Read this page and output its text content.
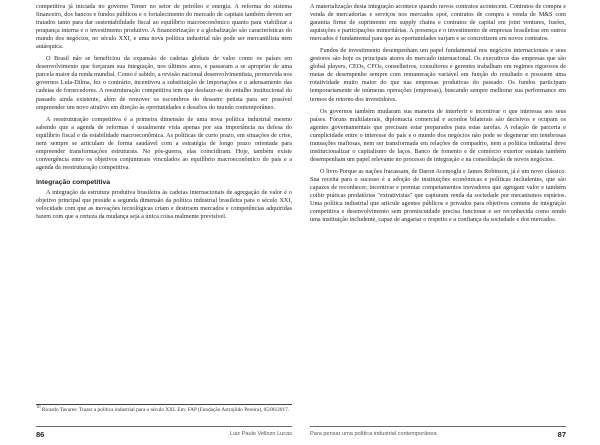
competitiva já iniciada no governo Temer no setor de petróleo e energia. A reforma do sistema financeiro, dos bancos e fundos públicos e o fortalecimento do mercado de capitais também devem ser tratados tanto para dar sustentabilidade fiscal ao equilíbrio macroeconômico quanto para viabilizar a poupança interna e o investimento produtivo. A financeirização e a globalização são características do mundo dos negócios, no século XXI, e uma nova política industrial não pode ser mercantilista nem autárquica.

O Brasil não se beneficiou da expansão de cadeias globais de valor como os países em desenvolvimento que forçaram sua integração, nos últimos anos, e passaram a se apropriar de uma parcela maior da renda mundial. Como é sabido, a revisão nacional desenvolvimentista, promovida nos governos Lula-Dilma, fez o contrário, incentivou a substituição de importações e o adensamento das cadeias de fornecedores. A reestruturação competitiva tem que desfazer-se do entulho institucional do passado ainda existente, além de remover os escombros do desastre petista para ser possível empreender um novo atrativo em direção às oportunidades e desafios do mundo contemporâneo.

A reestruturação competitiva é a primeira dimensão de uma nova política industrial mesmo sabendo que a agenda de reformas é usualmente vista apenas por sua importância na defesa do equilíbrio fiscal e da estabilidade macroeconômica. As políticas de curto prazo, em situações de crise, nem sempre se articulam de forma saudável com a estratégia de longo prazo orientada para empreender transformações estruturais. No pós-guerra, elas coincidiram. Hoje, também existe convergência entre os objetivos conjunturais vinculados ao equilíbrio macroeconômico do país e a agenda da reestruturação competitiva.

Integração competitiva

A integração da estrutura produtiva brasileira às cadeias internacionais de agregação de valor é o objetivo principal que preside a segunda dimensão da política industrial brasileira para o século XXI, velocidade com que as inovações tecnológicas criam e destroem mercados e competências adquiridas fazem com que a certeza da mudança seja a única coisa realmente previsível.

$^{10}$ Ricardo Tavares: Trazer a política industrial para o século XXI. Em: FAP (Fundação Astrojildo Pereira), 05/06/2017.
86	Luiz Paulo Vellozo Lucas

A materialização desta integração acontece quando novos contratos acontecem. Contratos de compra e venda de mercadorias e serviços nos mercados spot, contratos de compra e venda de M&S com garantia firme de suprimento em supply chains e contratos de capital em joint ventures, fusões, aquisições e participações minoritárias. A presença e o investimento de empresas brasileiras em outros mercados é fundamental para que as oportunidades surjam e se concretizem em novos contratos.

Fundos de investimento desempenham um papel fundamental nos negócios internacionais e seus gestores são hoje os principais atores do mercado internacional. Os executivos das empresas que são global players, CEOs, CFOs, conselheiros, consultores e gerentes trabalham em regimes rigorosos de metas de desempenho sempre com remuneração variável em função do resultado e possuem uma rotatividade muito maior do que nas empresas produtivas do passado. Os fundos participam temporariamente de inúmeras operações (empresas), buscando sempre melhorar sua performance em termos de retorno dos investidores.

Os governos também mudaram sua maneira de interferir e incentivar o que interessa aos seus países. Fóruns multilaterais, diplomacia comercial e acordos bilaterais são decisivos e ocupam os agentes governamentais que precisam estar preparados para estas tarefas. A relação de parceria e cumplicidade entre o interesse do país e o mundo dos negócios não pode se degenerar em tenebrosas transações mafiosas, nem ser transformada em relações de compadrio, nem a política industrial deve institucionalizar o capitalismo de laços. Banco de fomento e de comércio exterior estatais também desempenham um papel relevante no processo de integração e na consolidação de novos negócios.

O livro Porque as nações fracassam, de Daron Acemoglu e James Robinson, já é um novo clássico. Sua receita para o sucesso é a adoção de instituições econômicas e políticas includentes, que são capazes de reconhecer, incentivar e premiar competamentos inovadores que agregam valor e também coibir práticas predatórias "extrativistas" que capturam renda da sociedade por mecanismos espúrios. Uma política industrial que articule agentes públicos e privados para objetivos comuns de integração competitiva e desenvolvimento sem promiscuidade precisa funcionar e ser reconhecida como sendo uma instituição includente, capaz de angariar o respeito e a confiança da sociedade e dos mercados.

Para pensar uma política industrial contemporânea	87
